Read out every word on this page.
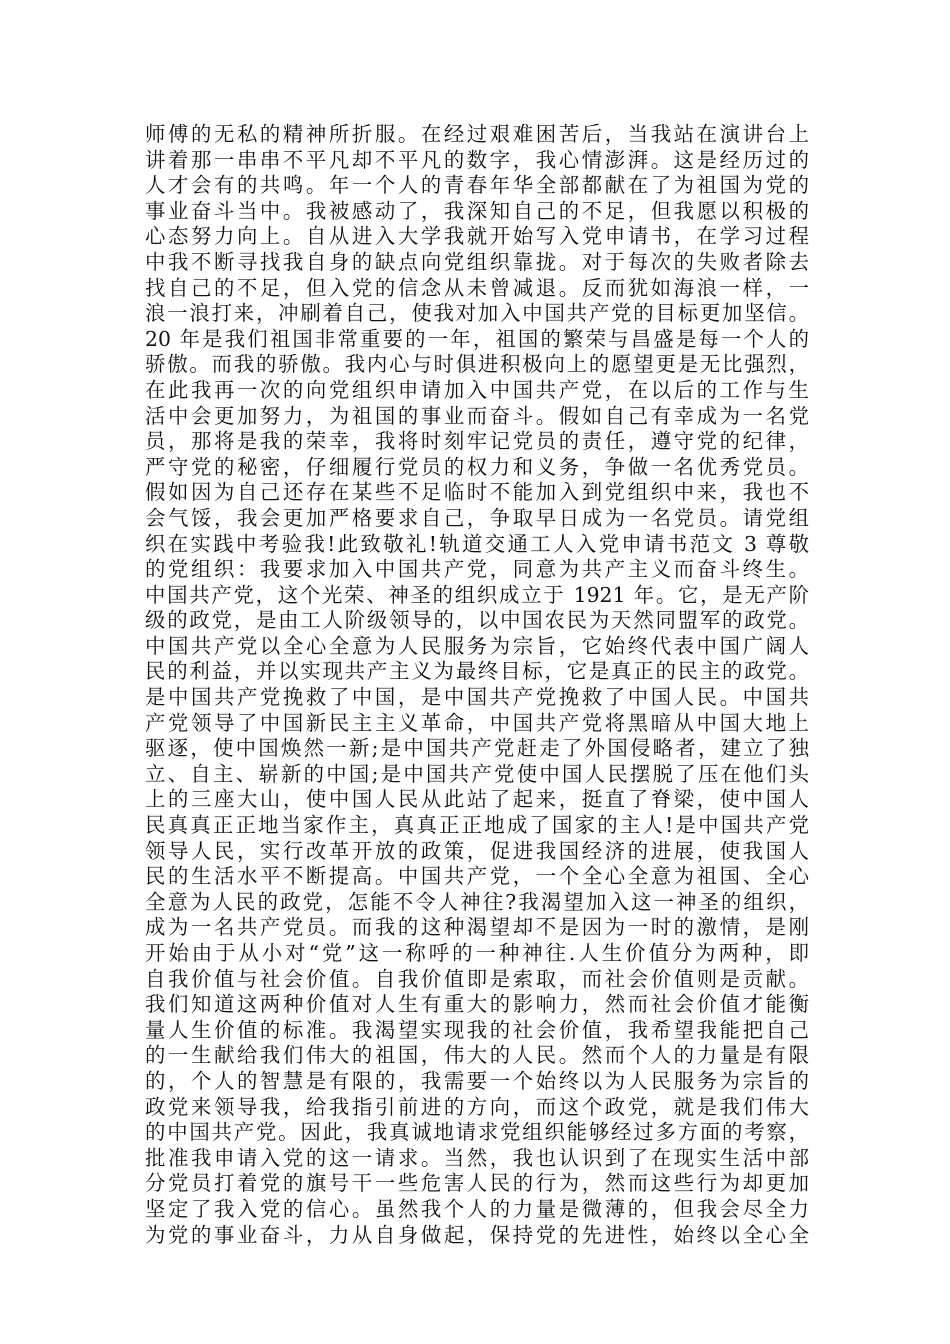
师傅的无私的精神所折服。在经过艰难困苦后，当我站在演讲台上
讲着那一串串不平凡却不平凡的数字，我心情澎湃。这是经历过的
人才会有的共鸣。年一个人的青春年华全部都献在了为祖国为党的
事业奋斗当中。我被感动了，我深知自己的不足，但我愿以积极的
心态努力向上。自从进入大学我就开始写入党申请书，在学习过程
中我不断寻找我自身的缺点向党组织靠拢。对于每次的失败者除去
找自己的不足，但入党的信念从未曾减退。反而犹如海浪一样，一
浪一浪打来，冲刷着自己，使我对加入中国共产党的目标更加坚信。
20 年是我们祖国非常重要的一年，祖国的繁荣与昌盛是每一个人的
骄傲。而我的骄傲。我内心与时俱进积极向上的愿望更是无比强烈，
在此我再一次的向党组织申请加入中国共产党，在以后的工作与生
活中会更加努力，为祖国的事业而奋斗。假如自己有幸成为一名党
员，那将是我的荣幸，我将时刻牢记党员的责任，遵守党的纪律，
严守党的秘密，仔细履行党员的权力和义务，争做一名优秀党员。
假如因为自己还存在某些不足临时不能加入到党组织中来，我也不
会气馁，我会更加严格要求自己，争取早日成为一名党员。请党组
织在实践中考验我!此致敬礼!轨道交通工人入党申请书范文 3 尊敬
的党组织：我要求加入中国共产党，同意为共产主义而奋斗终生。
中国共产党，这个光荣、神圣的组织成立于 1921 年。它，是无产阶
级的政党，是由工人阶级领导的，以中国农民为天然同盟军的政党。
中国共产党以全心全意为人民服务为宗旨，它始终代表中国广阔人
民的利益，并以实现共产主义为最终目标，它是真正的民主的政党。
是中国共产党挽救了中国，是中国共产党挽救了中国人民。中国共
产党领导了中国新民主主义革命，中国共产党将黑暗从中国大地上
驱逐，使中国焕然一新;是中国共产党赶走了外国侵略者，建立了独
立、自主、崭新的中国;是中国共产党使中国人民摆脱了压在他们头
上的三座大山，使中国人民从此站了起来，挺直了脊梁，使中国人
民真真正正地当家作主，真真正正地成了国家的主人!是中国共产党
领导人民，实行改革开放的政策，促进我国经济的进展，使我国人
民的生活水平不断提高。中国共产党，一个全心全意为祖国、全心
全意为人民的政党，怎能不令人神往?我渴望加入这一神圣的组织，
成为一名共产党员。而我的这种渴望却不是因为一时的激情，是刚
开始由于从小对“党”这一称呼的一种神往.人生价值分为两种，即
自我价值与社会价值。自我价值即是索取，而社会价值则是贡献。
我们知道这两种价值对人生有重大的影响力，然而社会价值才能衡
量人生价值的标准。我渴望实现我的社会价值，我希望我能把自己
的一生献给我们伟大的祖国，伟大的人民。然而个人的力量是有限
的，个人的智慧是有限的，我需要一个始终以为人民服务为宗旨的
政党来领导我，给我指引前进的方向，而这个政党，就是我们伟大
的中国共产党。因此，我真诚地请求党组织能够经过多方面的考察，
批准我申请入党的这一请求。当然，我也认识到了在现实生活中部
分党员打着党的旗号干一些危害人民的行为，然而这些行为却更加
坚定了我入党的信心。虽然我个人的力量是微薄的，但我会尽全力
为党的事业奋斗，力从自身做起，保持党的先进性，始终以全心全
